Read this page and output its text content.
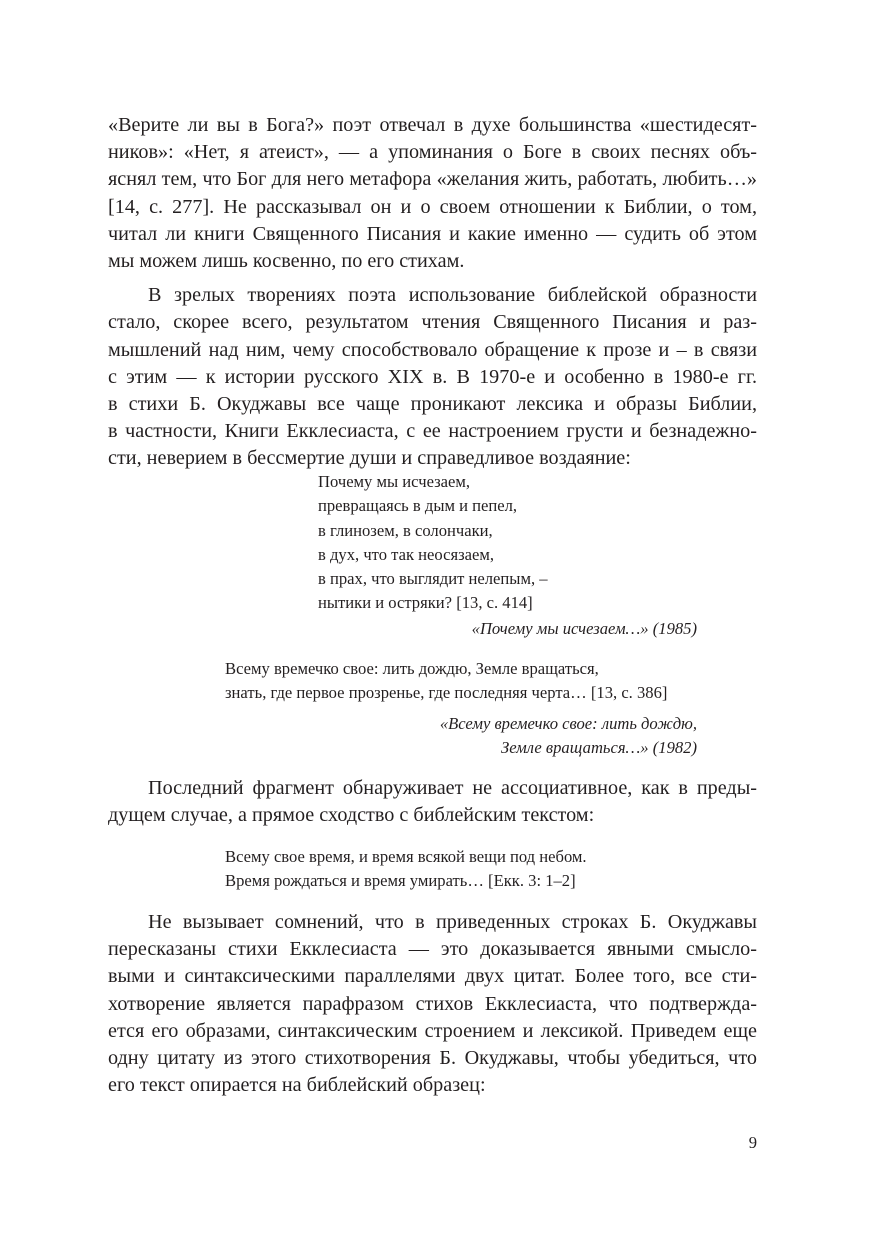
«Верите ли вы в Бога?» поэт отвечал в духе большинства «шестидесят-
ников»: «Нет, я атеист», — а упоминания о Боге в своих песнях объ-
яснял тем, что Бог для него метафора «желания жить, работать, любить…»
[14, с. 277]. Не рассказывал он и о своем отношении к Библии, о том,
читал ли книги Священного Писания и какие именно — судить об этом
мы можем лишь косвенно, по его стихам.
В зрелых творениях поэта использование библейской образности
стало, скорее всего, результатом чтения Священного Писания и раз-
мышлений над ним, чему способствовало обращение к прозе и – в связи
с этим — к истории русского XIX в. В 1970-е и особенно в 1980-е гг.
в стихи Б. Окуджавы все чаще проникают лексика и образы Библии,
в частности, Книги Екклесиаста, с ее настроением грусти и безнадежно-
сти, неверием в бессмертие души и справедливое воздаяние:
Почему мы исчезаем,
превращаясь в дым и пепел,
в глинозем, в солончаки,
в дух, что так неосязаем,
в прах, что выглядит нелепым, –
нытики и остряки? [13, с. 414]
«Почему мы исчезаем…» (1985)
Всему времечко свое: лить дождю, Земле вращаться,
знать, где первое прозренье, где последняя черта… [13, с. 386]
«Всему времечко свое: лить дождю,
Земле вращаться…» (1982)
Последний фрагмент обнаруживает не ассоциативное, как в преды-
дущем случае, а прямое сходство с библейским текстом:
Всему свое время, и время всякой вещи под небом.
Время рождаться и время умирать… [Екк. 3: 1–2]
Не вызывает сомнений, что в приведенных строках Б. Окуджавы
пересказаны стихи Екклесиаста — это доказывается явными смысло-
выми и синтаксическими параллелями двух цитат. Более того, все сти-
хотворение является парафразом стихов Екклесиаста, что подтвержда-
ется его образами, синтаксическим строением и лексикой. Приведем еще
одну цитату из этого стихотворения Б. Окуджавы, чтобы убедиться, что
его текст опирается на библейский образец:
9
